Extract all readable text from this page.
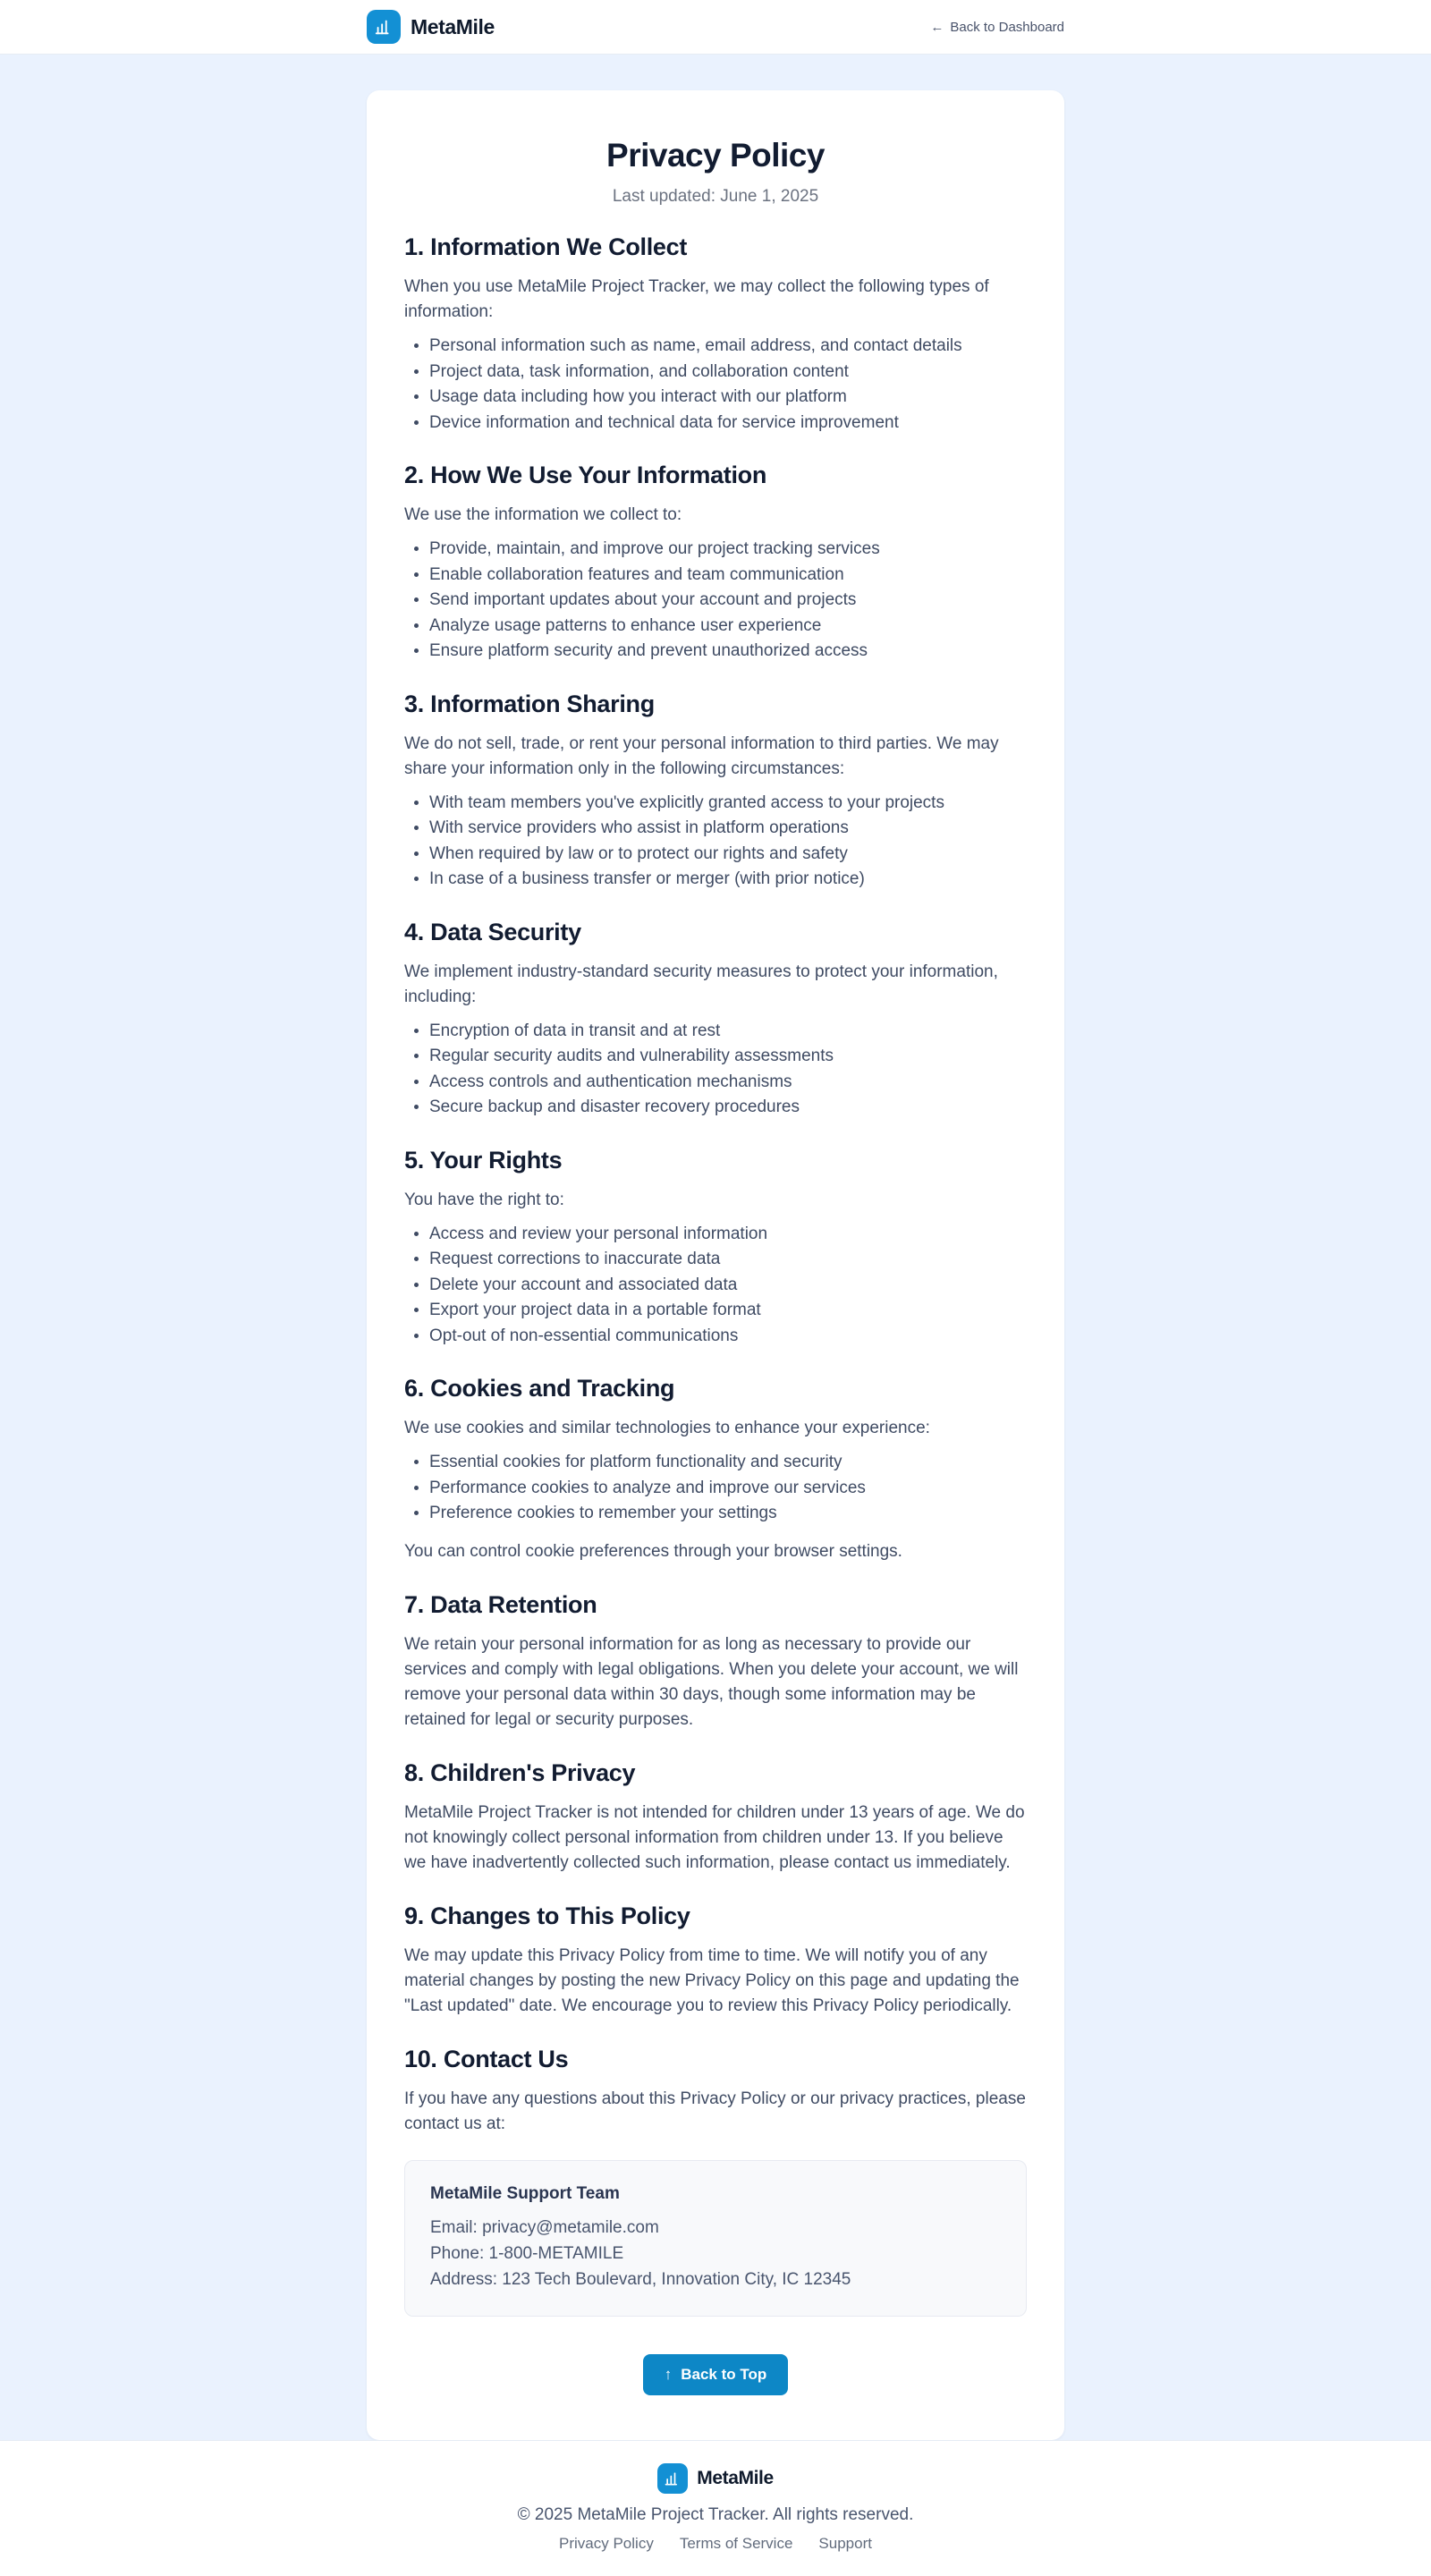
MetaMile	← Back to Dashboard
Privacy Policy

Last updated: June 1, 2025

1. Information We Collect

When you use MetaMile Project Tracker, we may collect the following types of information:

Personal information such as name, email address, and contact details
Project data, task information, and collaboration content
Usage data including how you interact with our platform
Device information and technical data for service improvement
2. How We Use Your Information

We use the information we collect to:

Provide, maintain, and improve our project tracking services
Enable collaboration features and team communication
Send important updates about your account and projects
Analyze usage patterns to enhance user experience
Ensure platform security and prevent unauthorized access
3. Information Sharing

We do not sell, trade, or rent your personal information to third parties. We may share your information only in the following circumstances:

With team members you've explicitly granted access to your projects
With service providers who assist in platform operations
When required by law or to protect our rights and safety
In case of a business transfer or merger (with prior notice)
4. Data Security

We implement industry-standard security measures to protect your information, including:

Encryption of data in transit and at rest
Regular security audits and vulnerability assessments
Access controls and authentication mechanisms
Secure backup and disaster recovery procedures
5. Your Rights

You have the right to:

Access and review your personal information
Request corrections to inaccurate data
Delete your account and associated data
Export your project data in a portable format
Opt-out of non-essential communications
6. Cookies and Tracking

We use cookies and similar technologies to enhance your experience:

Essential cookies for platform functionality and security
Performance cookies to analyze and improve our services
Preference cookies to remember your settings

You can control cookie preferences through your browser settings.

7. Data Retention

We retain your personal information for as long as necessary to provide our services and comply with legal obligations. When you delete your account, we will remove your personal data within 30 days, though some information may be retained for legal or security purposes.

8. Children's Privacy

MetaMile Project Tracker is not intended for children under 13 years of age. We do not knowingly collect personal information from children under 13. If you believe we have inadvertently collected such information, please contact us immediately.

9. Changes to This Policy

We may update this Privacy Policy from time to time. We will notify you of any material changes by posting the new Privacy Policy on this page and updating the "Last updated" date. We encourage you to review this Privacy Policy periodically.

10. Contact Us

If you have any questions about this Privacy Policy or our privacy practices, please contact us at:

MetaMile Support Team

Email: privacy@metamile.com

Phone: 1-800-METAMILE

Address: 123 Tech Boulevard, Innovation City, IC 12345

↑ Back to Top
MetaMile

© 2025 MetaMile Project Tracker. All rights reserved.

Privacy Policy Terms of Service Support
